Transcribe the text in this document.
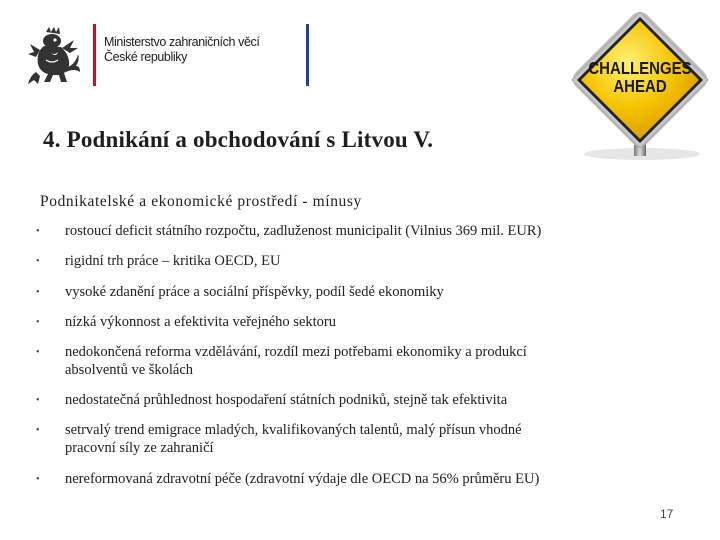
Ministerstvo zahraničních věcí
České republiky
CHALLENGES
AHEAD
4. Podnikání a obchodování s Litvou V.
Podnikatelské a ekonomické prostředí - mínusy
• rostoucí deficit státního rozpočtu, zadluženost municipalit (Vilnius 369 mil. EUR)
• rigidní trh práce – kritika OECD, EU
• vysoké zdanění práce a sociální příspěvky, podíl šedé ekonomiky
• nízká výkonnost a efektivita veřejného sektoru
• nedokončená reforma vzdělávání, rozdíl mezi potřebami ekonomiky a produkcí
absolventů ve školách
• nedostatečná průhlednost hospodaření státních podniků, stejně tak efektivita
• setrvalý trend emigrace mladých, kvalifikovaných talentů, malý přísun vhodné
pracovní síly ze zahraničí
• nereformovaná zdravotní péče (zdravotní výdaje dle OECD na 56% průměru EU)
17
